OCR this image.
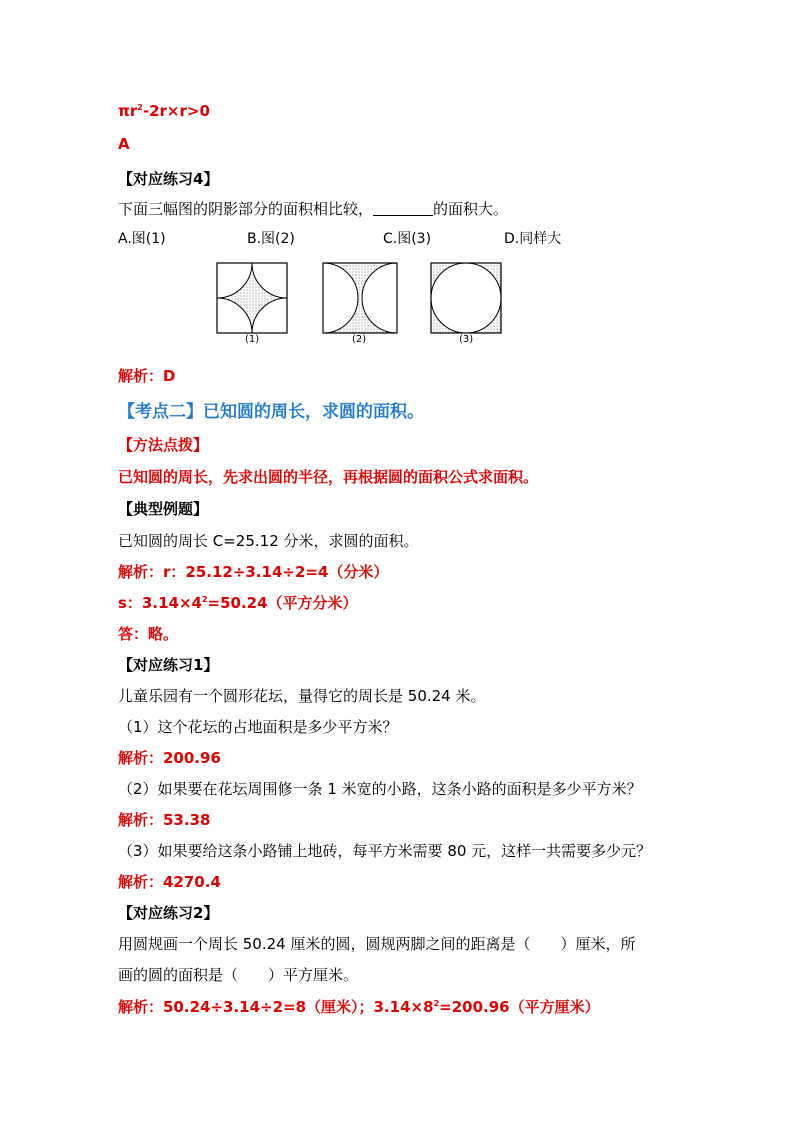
$\pi r^2-2r\times r>0$
A
【对应练习4】
下面三幅图的阴影部分的面积相比较，	的面积大。
A.图(1)	B.图(2)	C.图(3)	D.同样大
(1)	(2)	(3)
解析：D
【考点二】已知圆的周长，求圆的面积。
【方法点拨】
已知圆的周长，先求出圆的半径，再根据圆的面积公式求面积。
【典型例题】
已知圆的周长 C=25.12 分米，求圆的面积。
解析：r：25.12÷3.14÷2=4（分米）
s：$3.14\times 4^2=50.24$（平方分米）
答：略。
【对应练习1】
儿童乐园有一个圆形花坛，量得它的周长是 50.24 米。
（1）这个花坛的占地面积是多少平方米？
解析：200.96
（2）如果要在花坛周围修一条 1 米宽的小路，这条小路的面积是多少平方米？
解析：53.38
（3）如果要给这条小路铺上地砖，每平方米需要 80 元，这样一共需要多少元？
解析：4270.4
【对应练习2】
用圆规画一个周长 50.24 厘米的圆，圆规两脚之间的距离是（　　）厘米，所
画的圆的面积是（　　）平方厘米。
解析：50.24÷3.14÷2=8（厘米）；$3.14\times 8^2=200.96$（平方厘米）
